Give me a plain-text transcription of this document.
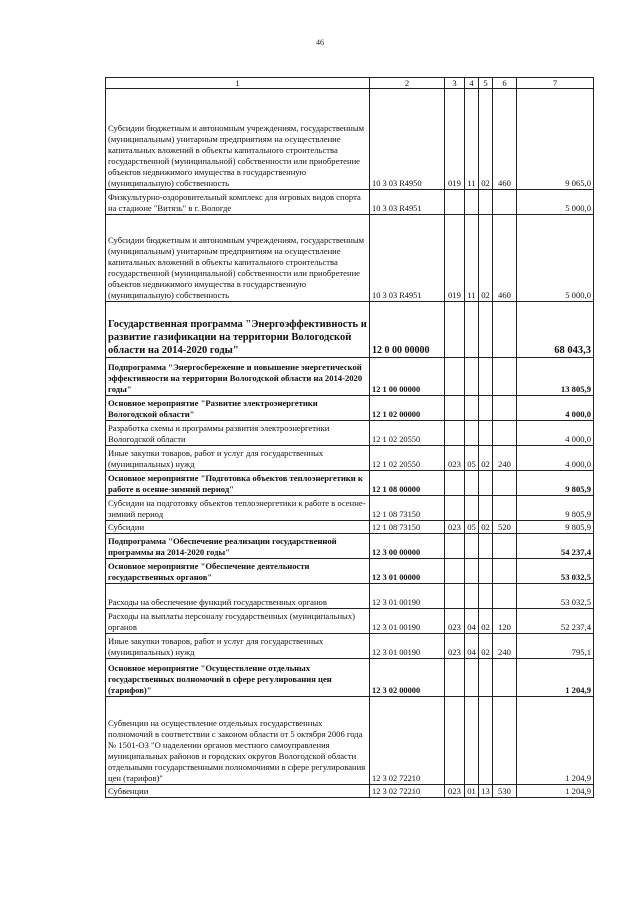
46
1	2	3	4	5	6	7
Субсидии бюджетным и автономным учреждениям, государственным (муниципальным) унитарным предприятиям на осуществление капитальных вложений в объекты капитального строительства государственной (муниципальной) собственности или приобретение объектов недвижимого имущества в государственную (муниципальную) собственность	10 3 03 R4950	019	11	02	460	9 065,0
Физкультурно-оздоровительный комплекс для игровых видов спорта на стадионе "Витязь" в г. Вологде	10 3 03 R4951					5 000,0
Субсидии бюджетным и автономным учреждениям, государственным (муниципальным) унитарным предприятиям на осуществление капитальных вложений в объекты капитального строительства государственной (муниципальной) собственности или приобретение объектов недвижимого имущества в государственную (муниципальную) собственность	10 3 03 R4951	019	11	02	460	5 000,0
Государственная программа "Энергоэффективность и развитие газификации на территории Вологодской области на 2014-2020 годы"	12 0 00 00000					68 043,3
Подпрограмма "Энергосбережение и повышение энергетической эффективности на территории Вологодской области на 2014-2020 годы"	12 1 00 00000					13 805,9
Основное мероприятие "Развитие электроэнергетики Вологодской области"	12 1 02 00000					4 000,0
Разработка схемы и программы развития электроэнергетики Вологодской области	12 1 02 20550					4 000,0
Иные закупки товаров, работ и услуг для государственных (муниципальных) нужд	12 1 02 20550	023	05	02	240	4 000,0
Основное мероприятие "Подготовка объектов теплоэнергетики к работе в осенне-зимний период"	12 1 08 00000					9 805,9
Субсидии на подготовку объектов теплоэнергетики к работе в осенне-зимний период	12 1 08 73150					9 805,9
Субсидии	12 1 08 73150	023	05	02	520	9 805,9
Подпрограмма "Обеспечение реализации государственной программы на 2014-2020 годы"	12 3 00 00000					54 237,4
Основное мероприятие "Обеспечение деятельности государственных органов"	12 3 01 00000					53 032,5
Расходы на обеспечение функций государственных органов	12 3 01 00190					53 032,5
Расходы на выплаты персоналу государственных (муниципальных) органов	12 3 01 00190	023	04	02	120	52 237,4
Иные закупки товаров, работ и услуг для государственных (муниципальных) нужд	12 3 01 00190	023	04	02	240	795,1
Основное мероприятие "Осуществление отдельных государственных полномочий в сфере регулирования цен (тарифов)"	12 3 02 00000					1 204,9
Субвенции на осуществление отдельных государственных полномочий в соответствии с законом области от 5 октября 2006 года № 1501-ОЗ "О наделении органов местного самоуправления муниципальных районов и городских округов Вологодской области отдельными государственными полномочиями в сфере регулирования цен (тарифов)"	12 3 02 72210					1 204,9
Субвенции	12 3 02 72210	023	01	13	530	1 204,9
